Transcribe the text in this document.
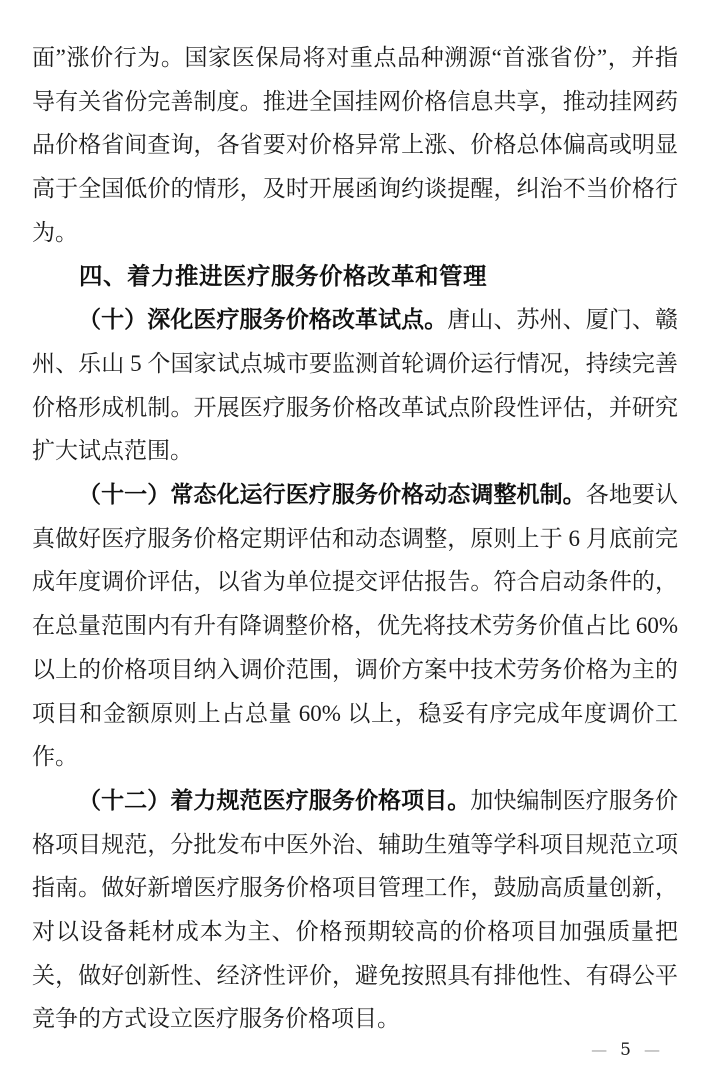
面”涨价行为。国家医保局将对重点品种溯源“首涨省份”，并指导有关省份完善制度。推进全国挂网价格信息共享，推动挂网药品价格省间查询，各省要对价格异常上涨、价格总体偏高或明显高于全国低价的情形，及时开展函询约谈提醒，纠治不当价格行为。

四、着力推进医疗服务价格改革和管理

（十）深化医疗服务价格改革试点。唐山、苏州、厦门、赣州、乐山 5 个国家试点城市要监测首轮调价运行情况，持续完善价格形成机制。开展医疗服务价格改革试点阶段性评估，并研究扩大试点范围。

（十一）常态化运行医疗服务价格动态调整机制。各地要认真做好医疗服务价格定期评估和动态调整，原则上于 6 月底前完成年度调价评估，以省为单位提交评估报告。符合启动条件的，在总量范围内有升有降调整价格，优先将技术劳务价值占比 60% 以上的价格项目纳入调价范围，调价方案中技术劳务价格为主的项目和金额原则上占总量 60% 以上，稳妥有序完成年度调价工作。

（十二）着力规范医疗服务价格项目。加快编制医疗服务价格项目规范，分批发布中医外治、辅助生殖等学科项目规范立项指南。做好新增医疗服务价格项目管理工作，鼓励高质量创新，对以设备耗材成本为主、价格预期较高的价格项目加强质量把关，做好创新性、经济性评价，避免按照具有排他性、有碍公平竞争的方式设立医疗服务价格项目。

— 5 —
